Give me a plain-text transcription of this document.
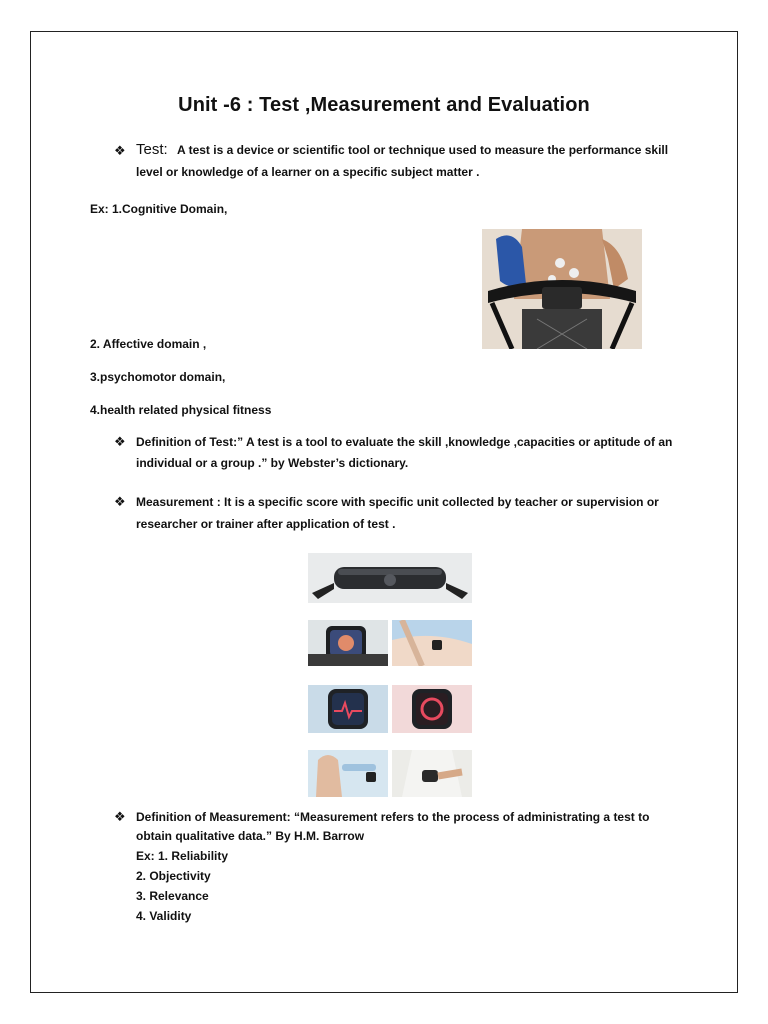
Unit -6 : Test ,Measurement and Evaluation
❖ Test: A test is a device or scientific tool or technique used to measure the performance skill
level or knowledge of a learner on a specific subject matter .
Ex: 1.Cognitive Domain,
2. Affective domain ,
3.psychomotor domain,
4.health related physical fitness
❖ Definition of Test:” A test is a tool to evaluate the skill ,knowledge ,capacities or aptitude of an
individual or a group .” by Webster’s dictionary.
❖ Measurement : It is a specific score with specific unit collected by teacher or supervision or
researcher or trainer after application of test .
❖ Definition of Measurement: “Measurement refers to the process of administrating a test to
obtain qualitative data.” By H.M. Barrow
Ex: 1. Reliability
2. Objectivity
3. Relevance
4. Validity
